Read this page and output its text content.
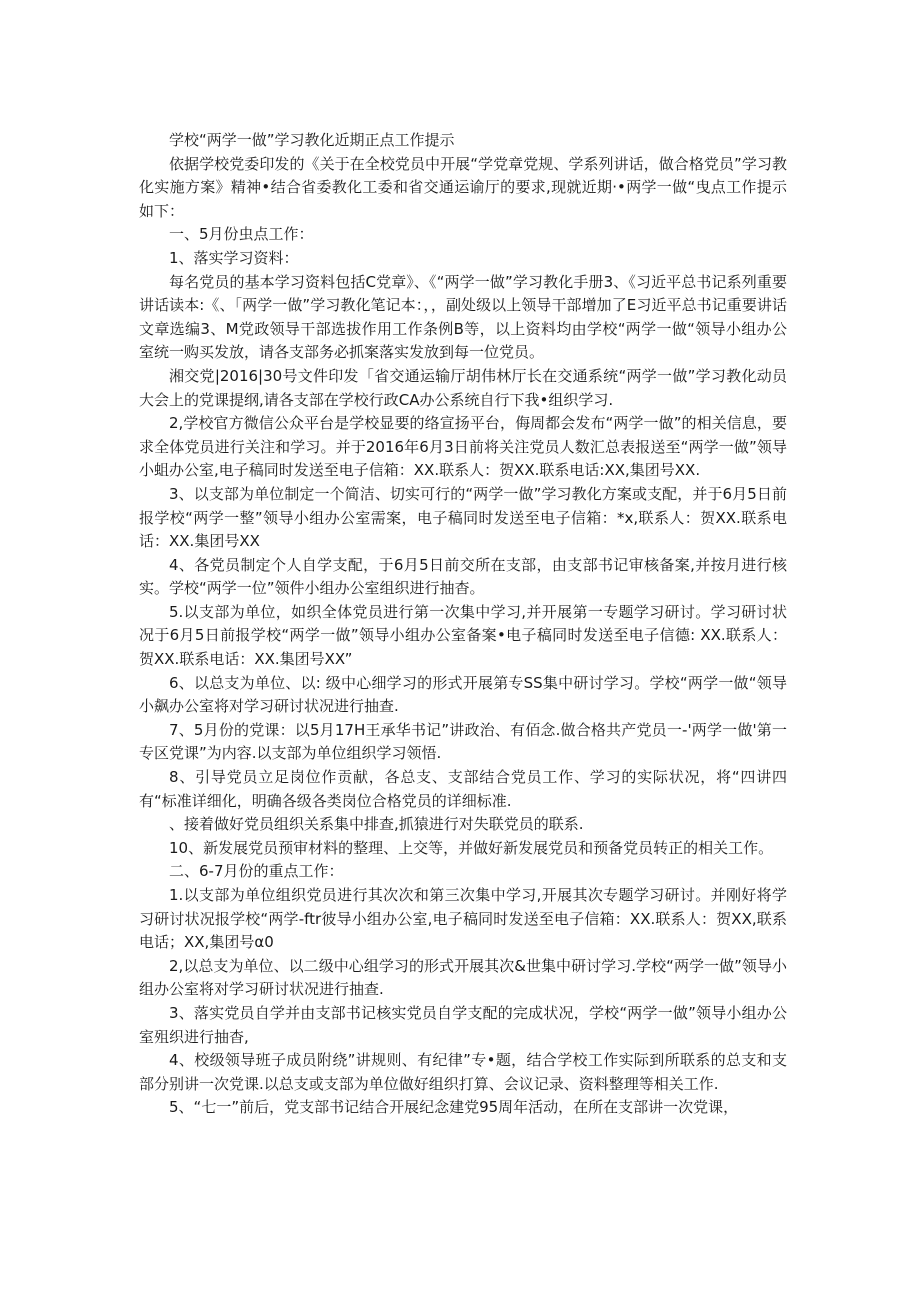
学校“两学一做”学习教化近期正点工作提示

依据学校党委印发的《关于在全校党员中开展“学党章党规、学系列讲话，做合格党员”学习教化实施方案》精神•结合省委教化工委和省交通运谕厅的要求,现就近期·•两学一做“曳点工作提示如下：

一、5月份虫点工作：

1、落实学习资料：

每名党员的基本学习资料包括C党章》、《“两学一做”学习教化手册3、《习近平总书记系列重要讲话读本:《、「两学一做”学习教化笔记本：，，副处级以上领导干部增加了E习近平总书记重要讲话文章选编3、M党政领导干部选拔作用工作条例B等，以上资料均由学校“两学一做“领导小组办公室统一购买发放，请各支部务必抓案落实发放到每一位党员。

湘交党|2016|30号文件印发「省交通运输厅胡伟林厅长在交通系统“两学一做”学习教化动员大会上的党课提纲,请各支部在学校行政CA办公系统自行下我•组织学习.

2,学校官方微信公众平台是学校显要的络宣扬平台，侮周都会发布“两学一做”的相关信息，要求全体党员进行关注和学习。并于2016年6月3日前将关注党员人数汇总表报送至“两学一做”领导小蛆办公室,电子稿同时发送至电子信箱：XX.联系人：贺XX.联系电话:XX,集团号XX.

3、以支部为单位制定一个简洁、切实可行的“两学一做”学习教化方案或支配，并于6月5日前报学校“两学一整”领导小组办公室需案，电子稿同时发送至电子信箱：*x,联系人：贺XX.联系电话：XX.集团号XX

4、各党员制定个人自学支配，于6月5日前交所在支部，由支部书记审核备案,并按月进行核实。学校“两学一位”领件小组办公室组织进行抽杳。

5.以支部为单位，如织全体党员进行第一次集中学习,并开展第一专题学习研讨。学习研讨状况于6月5日前报学校“两学一做”领导小组办公室备案•电子稿同时发送至电子信德: XX.联系人：贺XX.联系电话：XX.集团号XX”

6、以总支为单位、以: 级中心细学习的形式开展第专SS集中研讨学习。学校“两学一做“领导小飙办公室将对学习研讨状况进行抽查.

7、5月份的党课：以5月17H王承华书记”讲政治、有佰念.做合格共产党员一-'两学一做'第一专区党课”为内容.以支部为单位组织学习领悟.

8、引导党员立足岗位作贡献，各总支、支部结合党员工作、学习的实际状况，将“四讲四有“标准详细化，明确各级各类岗位合格党员的详细标准.

、接着做好党员组织关系集中排查,抓猿进行对失联党员的联系.

10、新发展党员预审材料的整理、上交等，并做好新发展党员和预备党员转正的相关工作。

二、6-7月份的重点工作：

1.以支部为单位组织党员进行其次次和第三次集中学习,开展其次专题学习研讨。并刚好将学习研讨状况报学校“两学-ftr彼导小组办公室,电子稿同时发送至电子信箱：XX.联系人：贺XX,联系电话；XX,集团号α0

2,以总支为单位、以二级中心组学习的形式开展其次&世集中研讨学习.学校“两学一做”领导小组办公室将对学习研讨状况进行抽查.

3、落实党员自学并由支部书记核实党员自学支配的完成状况，学校“两学一做”领导小组办公室殂织进行抽杳,

4、校级领导班子成员附绕”讲规则、有纪律”专•题，结合学校工作实际到所联系的总支和支部分别讲一次党课.以总支或支部为单位做好组织打算、会议记录、资料整理等相关工作.

5、“七一”前后，党支部书记结合开展纪念建党95周年活动，在所在支部讲一次党课，
